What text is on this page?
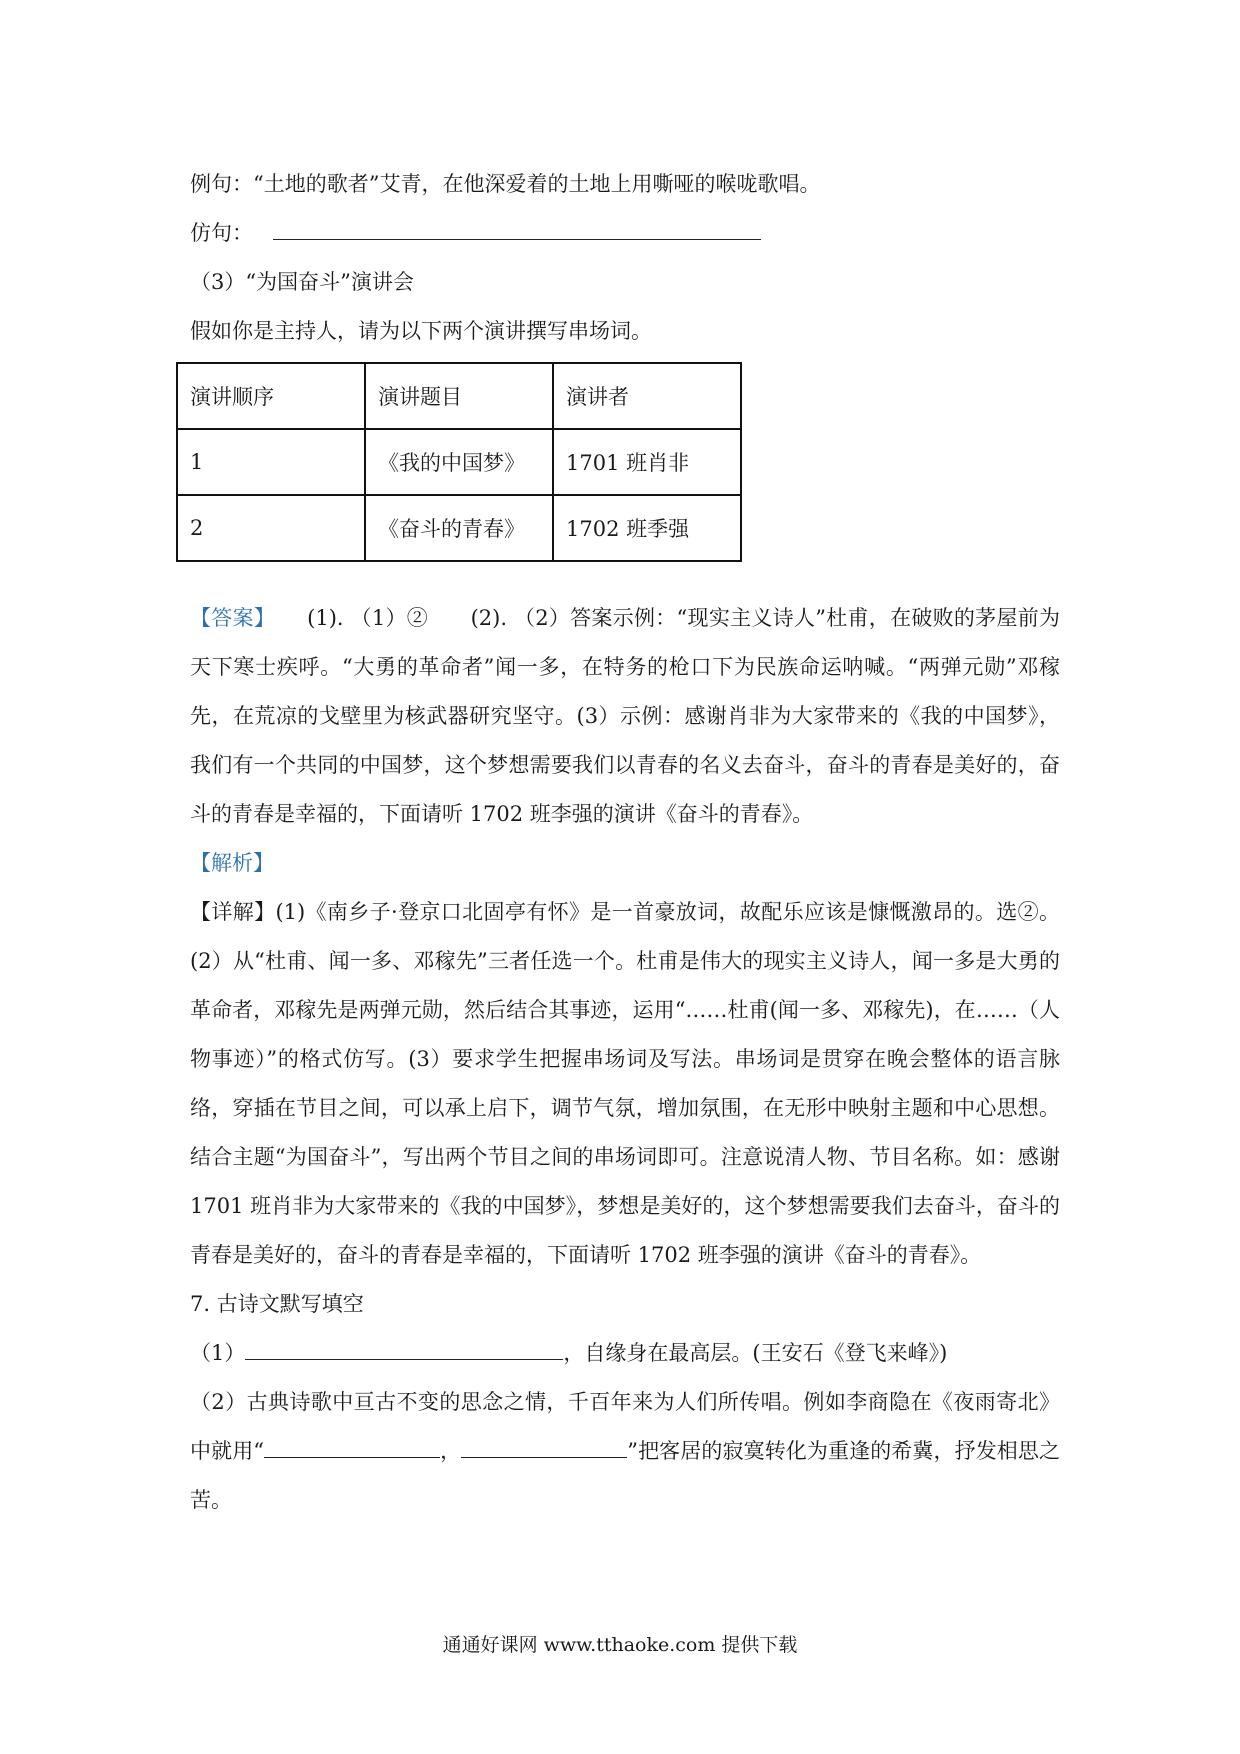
例句：“土地的歌者”艾青，在他深爱着的土地上用嘶哑的喉咙歌唱。

仿句：

（3）“为国奋斗”演讲会

假如你是主持人，请为以下两个演讲撰写串场词。

演讲顺序	演讲题目	演讲者
1	《我的中国梦》	1701 班肖非
2	《奋斗的青春》	1702 班季强

【答案】　　(1). （1）②　　(2). （2）答案示例：“现实主义诗人”杜甫，在破败的茅屋前为天下寒士疾呼。“大勇的革命者”闻一多，在特务的枪口下为民族命运呐喊。“两弹元勋”邓稼先，在荒凉的戈壁里为核武器研究坚守。(3）示例：感谢肖非为大家带来的《我的中国梦》，我们有一个共同的中国梦，这个梦想需要我们以青春的名义去奋斗，奋斗的青春是美好的，奋斗的青春是幸福的，下面请听 1702 班李强的演讲《奋斗的青春》。

【解析】

【详解】(1)《南乡子·登京口北固亭有怀》是一首豪放词，故配乐应该是慷慨激昂的。选②。(2）从“杜甫、闻一多、邓稼先”三者任选一个。杜甫是伟大的现实主义诗人，闻一多是大勇的革命者，邓稼先是两弹元勋，然后结合其事迹，运用“……杜甫(闻一多、邓稼先)，在……（人物事迹）”的格式仿写。(3）要求学生把握串场词及写法。串场词是贯穿在晚会整体的语言脉络，穿插在节目之间，可以承上启下，调节气氛，增加氛围，在无形中映射主题和中心思想。结合主题“为国奋斗”，写出两个节目之间的串场词即可。注意说清人物、节目名称。如：感谢 1701 班肖非为大家带来的《我的中国梦》，梦想是美好的，这个梦想需要我们去奋斗，奋斗的青春是美好的，奋斗的青春是幸福的，下面请听 1702 班李强的演讲《奋斗的青春》。

7. 古诗文默写填空

（1）	，自缘身在最高层。(王安石《登飞来峰》)

（2）古典诗歌中亘古不变的思念之情，千百年来为人们所传唱。例如李商隐在《夜雨寄北》中就用“	，	”把客居的寂寞转化为重逢的希冀，抒发相思之苦。

通通好课网 www.tthaoke.com 提供下载
